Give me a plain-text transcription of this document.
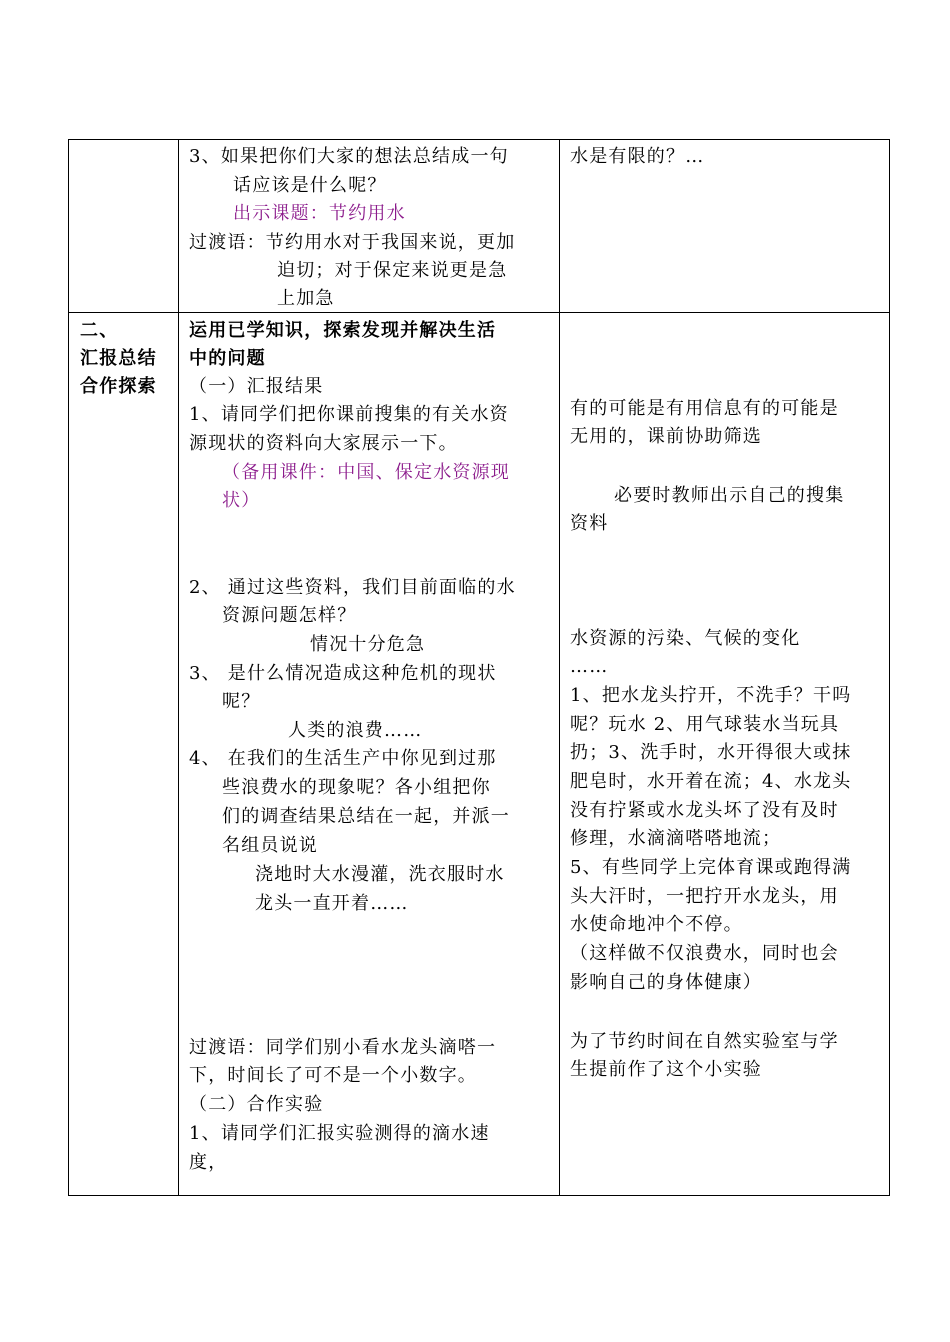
3、如果把你们大家的想法总结成一句
话应该是什么呢？
出示课题：节约用水
过渡语：节约用水对于我国来说，更加
迫切；对于保定来说更是急
上加急
水是有限的？…
二、
汇报总结
合作探索
运用已学知识，探索发现并解决生活
中的问题
（一）汇报结果
1、请同学们把你课前搜集的有关水资
源现状的资料向大家展示一下。
（备用课件：中国、保定水资源现
状）
2、 通过这些资料，我们目前面临的水
资源问题怎样？
情况十分危急
3、 是什么情况造成这种危机的现状
呢？
人类的浪费……
4、 在我们的生活生产中你见到过那
些浪费水的现象呢？各小组把你
们的调查结果总结在一起，并派一
名组员说说
浇地时大水漫灌，洗衣服时水
龙头一直开着……
过渡语：同学们别小看水龙头滴嗒一
下，时间长了可不是一个小数字。
（二）合作实验
1、请同学们汇报实验测得的滴水速
度，
有的可能是有用信息有的可能是
无用的，课前协助筛选
必要时教师出示自己的搜集
资料
水资源的污染、气候的变化
……
1、把水龙头拧开，不洗手？干吗
呢？玩水 2、用气球装水当玩具
扔；3、洗手时，水开得很大或抹
肥皂时，水开着在流；4、水龙头
没有拧紧或水龙头坏了没有及时
修理，水滴滴嗒嗒地流；
5、有些同学上完体育课或跑得满
头大汗时，一把拧开水龙头，用
水使命地冲个不停。
（这样做不仅浪费水，同时也会
影响自己的身体健康）
为了节约时间在自然实验室与学
生提前作了这个小实验
